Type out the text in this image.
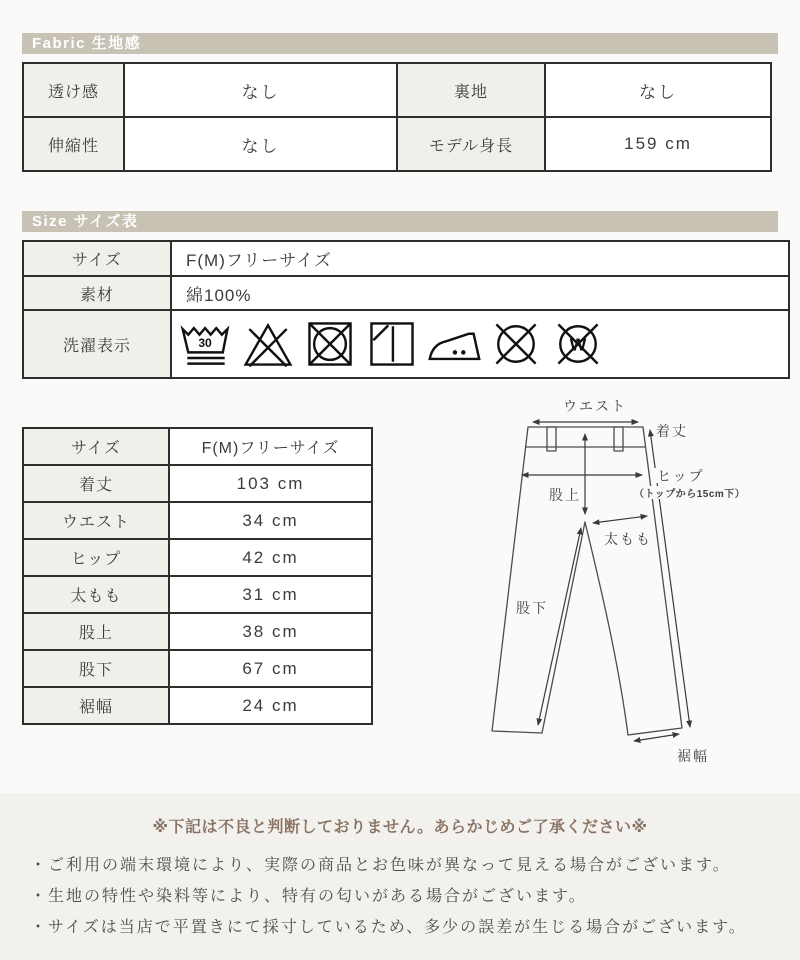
Fabric 生地感
透け感	なし	裏地	なし
伸縮性	なし	モデル身長	159 cm
Size サイズ表
サイズ	F(M)フリーサイズ
素材	綿100%
洗濯表示	30 W
サイズ	F(M)フリーサイズ
着丈	103 cm
ウエスト	34 cm
ヒップ	42 cm
太もも	31 cm
股上	38 cm
股下	67 cm
裾幅	24 cm
ウエスト
着丈
ヒップ
（トップから15cm下）
股上
太もも
股下
裾幅
※下記は不良と判断しておりません。あらかじめご了承ください※
・ご利用の端末環境により、実際の商品とお色味が異なって見える場合がございます。
・生地の特性や染料等により、特有の匂いがある場合がございます。
・サイズは当店で平置きにて採寸しているため、多少の誤差が生じる場合がございます。
